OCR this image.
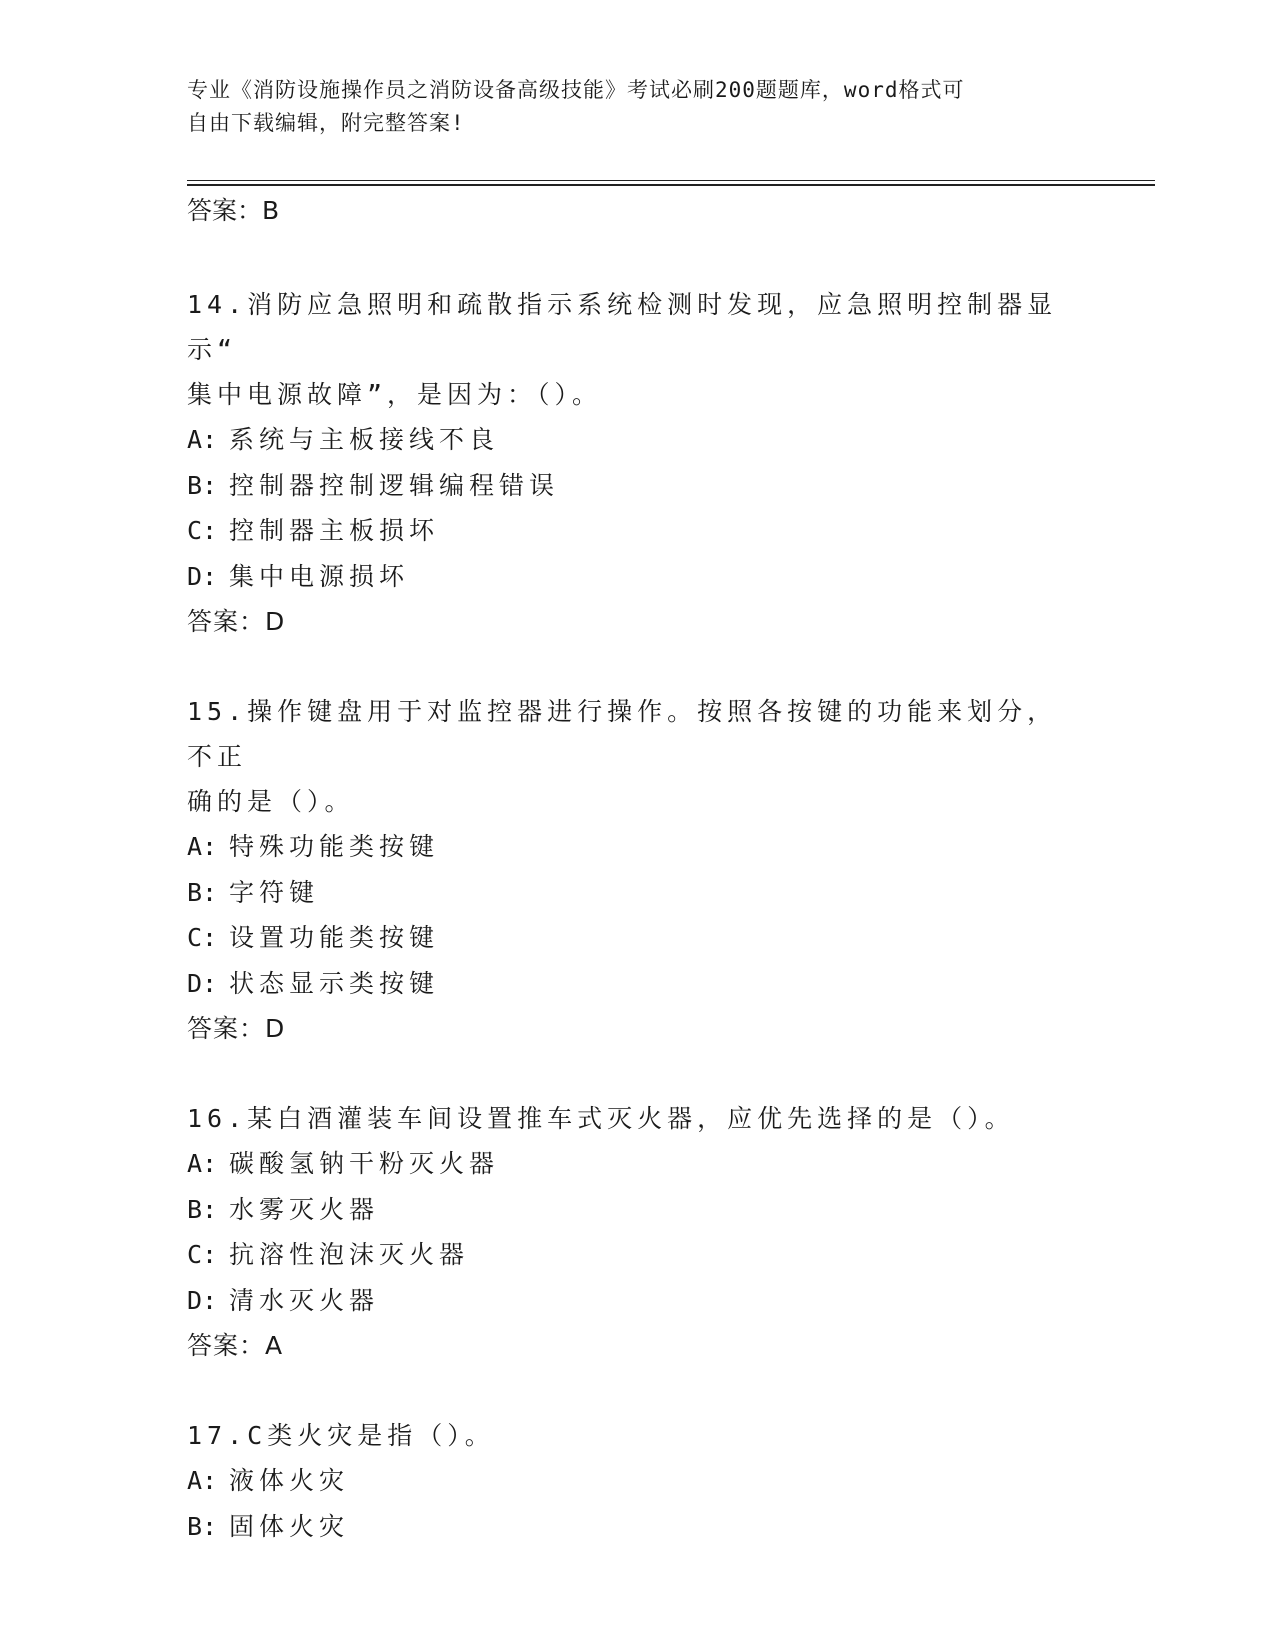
专业《消防设施操作员之消防设备高级技能》考试必刷200题题库，word格式可
自由下载编辑，附完整答案!
答案：B

14.消防应急照明和疏散指示系统检测时发现，应急照明控制器显示“

集中电源故障”，是因为：（）。

A: 系统与主板接线不良

B: 控制器控制逻辑编程错误

C: 控制器主板损坏

D: 集中电源损坏

答案：D

15.操作键盘用于对监控器进行操作。按照各按键的功能来划分，不正

确的是（）。

A: 特殊功能类按键

B: 字符键

C: 设置功能类按键

D: 状态显示类按键

答案：D

16.某白酒灌装车间设置推车式灭火器，应优先选择的是（）。

A: 碳酸氢钠干粉灭火器

B: 水雾灭火器

C: 抗溶性泡沫灭火器

D: 清水灭火器

答案：A

17.C类火灾是指（）。

A: 液体火灾

B: 固体火灾
